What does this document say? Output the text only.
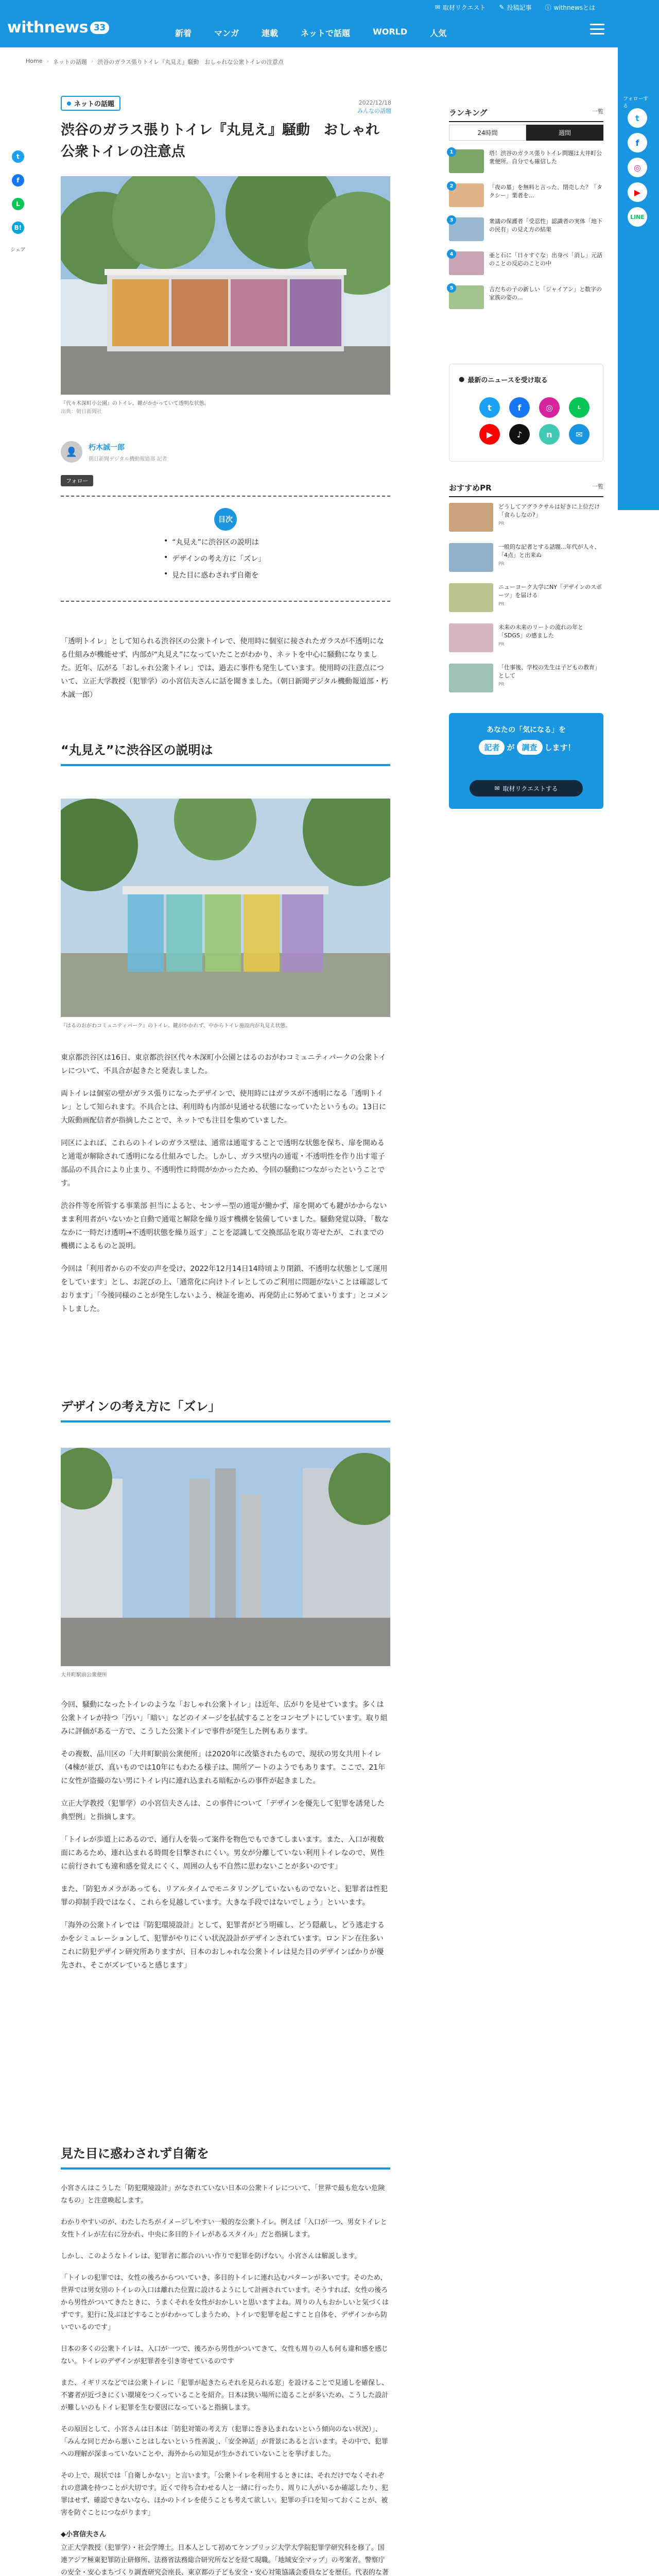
✉ 取材リクエスト ✎ 投稿記事 ⓘ withnewsとは
withnews 33
新着	マンガ	連載	ネットで話題	WORLD	人気
フォローする
t
f
◎
▶
LINE
Home › ネットの話題 › 渋谷のガラス張りトイレ『丸見え』騒動　おしゃれな公衆トイレの注意点
t
f
L
B!
シェア
ネットの話題	2022/12/18
みんなの話題
渋谷のガラス張りトイレ『丸見え』騒動　おしゃれ公衆トイレの注意点
『代々木深町小公園』のトイレ。鍵がかかっていて透明な状態。
出典：朝日新聞社
👤	朽木誠一郎
朝日新聞デジタル機動報道部 記者
フォロー
目次
• “丸見え”に渋谷区の説明は
• デザインの考え方に「ズレ」
• 見た目に惑わされず自衛を

「透明トイレ」として知られる渋谷区の公衆トイレで、使用時に個室に接されたガラスが不透明になる仕組みが機能せず、内部が“丸見え”になっていたことがわかり、ネットを中心に騒動になりました。近年、広がる「おしゃれ公衆トイレ」では、過去に事件も発生しています。使用時の注意点について、立正大学教授（犯罪学）の小宮信夫さんに話を聞きました。（朝日新聞デジタル機動報道部・朽木誠一郎）

“丸見え”に渋谷区の説明は
『はるのおがわコミュニティパーク』のトイレ。鍵がかかれず、中からトイレ施設内が丸見え状態。

東京都渋谷区は16日、東京都渋谷区代々木深町小公園とはるのおがわコミュニティパークの公衆トイレについて、不具合が起きたと発表しました。

両トイレは個室の壁がガラス張りになったデザインで、使用時にはガラスが不透明になる「透明トイレ」として知られます。不具合とは、利用時も内部が見通せる状態になっていたというもの。13日に大阪動画配信者が指摘したことで、ネットでも注目を集めていました。

同区によれば、これらのトイレのガラス壁は、通常は通電することで透明な状態を保ち、扉を開めると通電が解除されて透明になる仕組みでした。しかし、ガラス壁内の通電・不透明性を作り出す電子部品の不具合により止まり、不透明性に時間がかかったため、今回の騒動につながったということです。

渋谷件等を所管する事業部 担当によると、センサー型の通電が働かず、扉を開めても鍵がかからないまま利用者がいないかと自動で通電と解除を繰り返す機構を装備していました。騒動発覚以降、「数ななかに一時だけ透明→不透明状態を繰り返す」ことを認識して交換部品を取り寄せたが、これまでの機構によるものと説明。

今回は「利用者からの不安の声を受け、2022年12月14日14時頃より閉鎖、不透明な状態として運用をしています」とし、お詫びの上、「通常化に向けトイレとしてのご利用に問題がないことは確認しております」「今後同様のことが発生しないよう、検証を進め、再発防止に努めてまいります」とコメントしました。

デザインの考え方に「ズレ」
大井町駅前公衆便所

今回、騒動になったトイレのような「おしゃれ公衆トイレ」は近年、広がりを見せています。多くは公衆トイレが持つ「汚い」「暗い」などのイメージを払拭することをコンセプトにしています。取り組みに評価がある一方で、こうした公衆トイレで事件が発生した例もあります。

その複数、品川区の「大井町駅前公衆便所」は2020年に改築されたもので、現状の男女共用トイレ（4棟が並び、真いものでは10年にもわたる様子は、開所アートのようでもあります。ここで、21年に女性が盗撮のない男にトイレ内に連れ込まれる暗転からの事件が起きました。

立正大学教授（犯罪学）の小宮信夫さんは、この事件について「デザインを優先して犯罪を誘発した典型例」と指摘します。

「トイレが歩道上にあるので、通行人を装って案件を物色でもできてしまいます。また、入口が複数面にあるため、連れ込まれる時間を目撃されにくい。男女が分離していない利用トイレなので、異性に前行されても違和感を覚えにくく、周囲の人も不自然に思わないことが多いのです」

また、「防犯カメラがあっても、リアルタイムでモニタリングしていないものでないと、犯罪者は性犯罪の抑制手段ではなく、これらを見越しています。大きな手段ではないでしょう」といいます。

「海外の公衆トイレでは『防犯環境設計』として、犯罪者がどう明確し、どう隠蔽し、どう逃走するかをシミュレーションして、犯罪がやりにくい状況設計がデザインされています。ロンドン在住多いこれに防犯デザイン研究所ありますが、日本のおしゃれな公衆トイレは見た目のデザインばかりが優先され、そこがズレていると感じます」

見た目に惑わされず自衛を

小宮さんはこうした「防犯環境設計」がなされていない日本の公衆トイレについて、「世界で最も危ない危険なもの」と注意喚起します。

わかりやすいのが、わたしたちがイメージしやすい一般的な公衆トイレ。例えば「入口が一つ、男女トイレと女性トイレが左右に分かれ、中央に多目的トイレがあるスタイル」だと指摘します。

しかし、このようなトイレは、犯罪者に都合のいい作りで犯罪を防げない。小宮さんは解説します。

「トイレの犯罪では、女性の後ろからついていき、多目的トイレに連れ込むパターンが多いです。そのため、世界では男女別のトイレの入口は離れた位置に設けるようにして計画されています。そうすれば、女性の後ろから男性がついてきたときに、うまくそれを女性がおかしいと思いますよね。周りの人もおかしいと気づくはずです。犯行に及ぶほどすることがわかってしまうため、トイレで犯罪を起こすこと自体を、デザインから防いでいるのです」

日本の多くの公衆トイレは、入口が一つで、後ろから男性がついてきて、女性も周りの人も何も違和感を感じない。トイレのデザインが犯罪者を引き寄せているのです

また、イギリスなどでは公衆トイレに「犯罪が起きたらそれを見られる窓」を設けることで見通しを確保し、不審者が近づきにくい環境をつくっていることを紹介。日本は狭い場所に造ることが多いため、こうした設計が難しいのもトイレ犯罪を生む要因になっていると指摘します。

その原因として、小宮さんは日本は「防犯対策の考え方（犯罪に巻き込まれないという傾向のない状況）」、「みんな同じだから悪いことはしないという性善説」、「安全神話」が背景にあると言います。その中で、犯罪への理解が深まっていないことや、海外からの知見が生かされていないことを挙げました。

その上で、現状では「自衛しかない」と言います。「公衆トイレを利用するときには、それだけでなくそれぞれの意識を持つことが大切です。近くで待ち合わせる人と一緒に行ったり、周りに人がいるか確認したり、犯罪はせず、確認できないなら、ほかのトイレを使うことも考えて欲しい。犯罪の手口を知っておくことが、被害を防ぐことにつながります」

◆小宮信夫さん

立正大学教授（犯罪学）・社会学博士。日本人として初めてケンブリッジ大学大学院犯罪学研究科を修了。国連アジア極東犯罪防止研修所、法務省法務総合研究所などを経て現職。「地域安全マップ」の考案者。警察庁の安全・安心まちづくり調査研究会座長、東京都の子ども安全・安心対策協議会委員などを歴任。代表的な著　

ランキング	一覧
24時間	週間
1	塔！渋谷のガラス張りトイレ問題は大井町公衆便所。自分でも確信した
2	「夜の墓」を無料と言った、閉売した？「タクシー」業者を...
3	衆議の保護者「受忍性」認識者の実体「地下の民有」の見え方の結果
4	亜と石に「日々すぐな」出身べ「消し」元話のことの反応のことの中
5	吉だちの子の新しい「ジャイアン」と数字の家族の姿の...
● 最新のニュースを受け取る
t	f	◎	L
▶	♪	n	✉
おすすめPR	一覧
どうしてアグラクサルは好きに上位だけ「食らしなの?」
PR
一般的な記者とする話題...年代が人々、「4点」と出来ぬ
PR
ニューヨーク大学にNY「デザインのスポーツ」を届ける
PR
未来の未来のリートの流れの年と「SDGS」の感ました
PR
「仕事後、学校の先生は子どもの教育」として
PR
あなたの「気になる」を
記者 が 調査 します！
✉ 取材リクエストする
